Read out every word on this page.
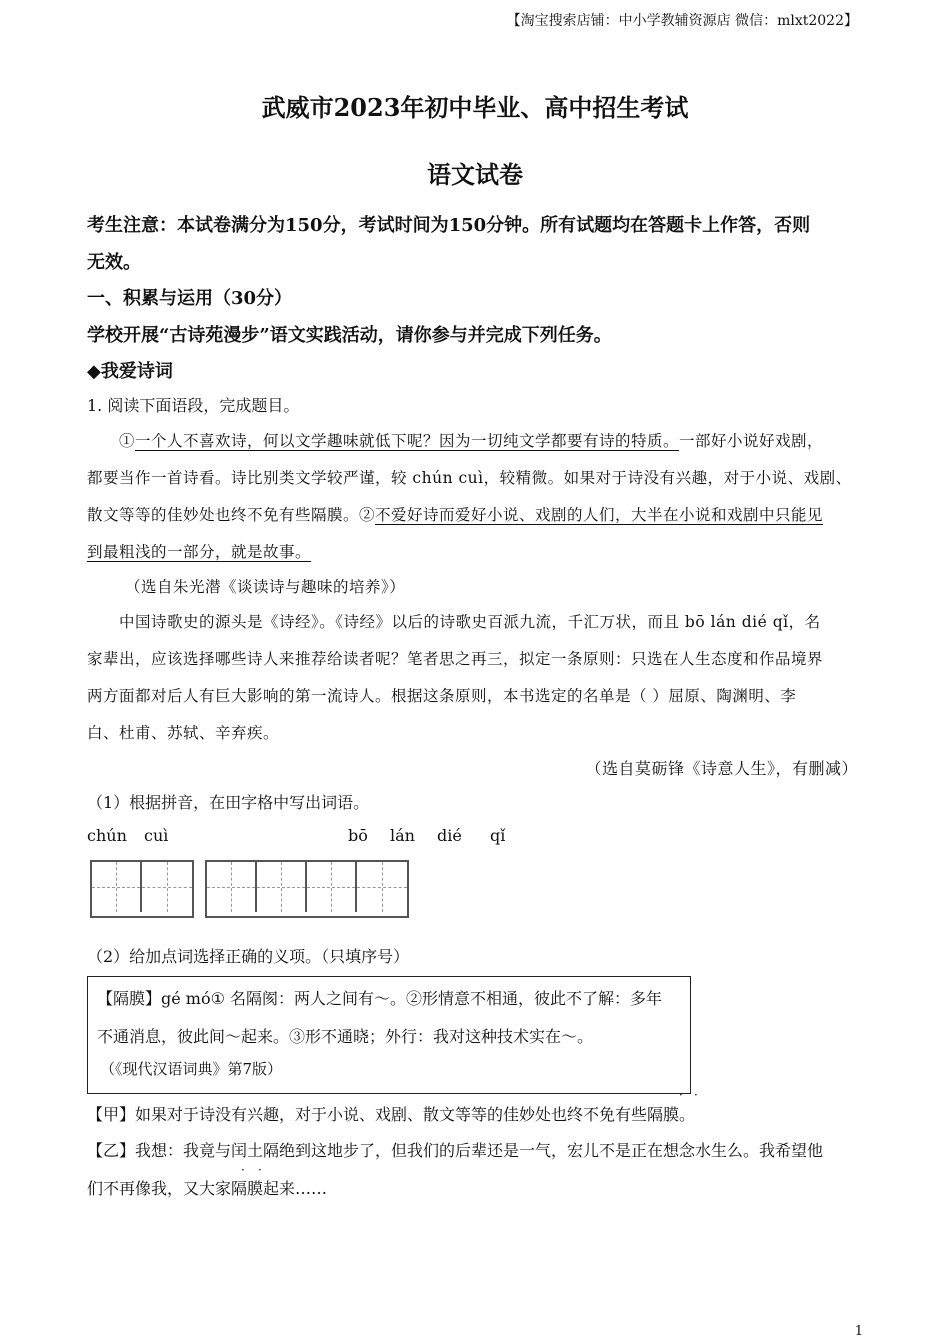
【淘宝搜索店铺：中小学教辅资源店 微信：mlxt2022】
武威市2023年初中毕业、高中招生考试
语文试卷
考生注意：本试卷满分为150分，考试时间为150分钟。所有试题均在答题卡上作答，否则
无效。
一、积累与运用（30分）
学校开展“古诗苑漫步”语文实践活动，请你参与并完成下列任务。
◆我爱诗词
1. 阅读下面语段，完成题目。
①一个人不喜欢诗，何以文学趣味就低下呢？因为一切纯文学都要有诗的特质。一部好小说好戏剧，
都要当作一首诗看。诗比别类文学较严谨，较 chún cuì，较精微。如果对于诗没有兴趣，对于小说、戏剧、
散文等等的佳妙处也终不免有些隔膜。②不爱好诗而爱好小说、戏剧的人们，大半在小说和戏剧中只能见
到最粗浅的一部分，就是故事。
（选自朱光潜《谈读诗与趣味的培养》）
中国诗歌史的源头是《诗经》。《诗经》以后的诗歌史百派九流，千汇万状，而且 bō lán dié qǐ，名
家辈出，应该选择哪些诗人来推荐给读者呢？笔者思之再三，拟定一条原则：只选在人生态度和作品境界
两方面都对后人有巨大影响的第一流诗人。根据这条原则，本书选定的名单是（ ）屈原、陶渊明、李
白、杜甫、苏轼、辛弃疾。
（选自莫砺锋《诗意人生》，有删减）
（1）根据拼音，在田字格中写出词语。
chún cuì	bō lán dié qǐ
（2）给加点词选择正确的义项。（只填序号）
【隔膜】gé mó① 名隔阂：两人之间有～。②形情意不相通，彼此不了解：多年
不通消息，彼此间～起来。③形不通晓；外行：我对这种技术实在～。
（《现代汉语词典》第7版）
· ·
【甲】如果对于诗没有兴趣，对于小说、戏剧、散文等等的佳妙处也终不免有些隔膜。
【乙】我想：我竟与闰土隔绝到这地步了，但我们的后辈还是一气，宏儿不是正在想念水生么。我希望他
· ·
们不再像我，又大家隔膜起来……
1
